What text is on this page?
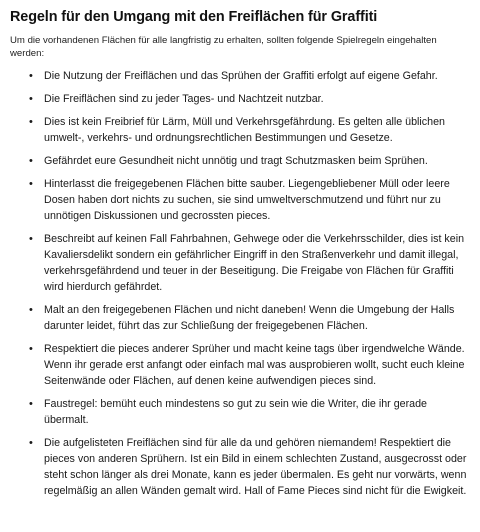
Regeln für den Umgang mit den Freiflächen für Graffiti

Um die vorhandenen Flächen für alle langfristig zu erhalten, sollten folgende Spielregeln eingehalten werden:

• Die Nutzung der Freiflächen und das Sprühen der Graffiti erfolgt auf eigene Gefahr.
• Die Freiflächen sind zu jeder Tages- und Nachtzeit nutzbar.
• Dies ist kein Freibrief für Lärm, Müll und Verkehrsgefährdung. Es gelten alle üblichen umwelt-, verkehrs- und ordnungsrechtlichen Bestimmungen und Gesetze.
• Gefährdet eure Gesundheit nicht unnötig und tragt Schutzmasken beim Sprühen.
• Hinterlasst die freigegebenen Flächen bitte sauber. Liegengebliebener Müll oder leere Dosen haben dort nichts zu suchen, sie sind umweltverschmutzend und führt nur zu unnötigen Diskussionen und gecrossten pieces.
• Beschreibt auf keinen Fall Fahrbahnen, Gehwege oder die Verkehrsschilder, dies ist kein Kavaliersdelikt sondern ein gefährlicher Eingriff in den Straßenverkehr und damit illegal, verkehrsgefährdend und teuer in der Beseitigung. Die Freigabe von Flächen für Graffiti wird hierdurch gefährdet.
• Malt an den freigegebenen Flächen und nicht daneben! Wenn die Umgebung der Halls darunter leidet, führt das zur Schließung der freigegebenen Flächen.
• Respektiert die pieces anderer Sprüher und macht keine tags über irgendwelche Wände. Wenn ihr gerade erst anfangt oder einfach mal was ausprobieren wollt, sucht euch kleine Seitenwände oder Flächen, auf denen keine aufwendigen pieces sind.
• Faustregel: bemüht euch mindestens so gut zu sein wie die Writer, die ihr gerade übermalt.
• Die aufgelisteten Freiflächen sind für alle da und gehören niemandem! Respektiert die pieces von anderen Sprühern. Ist ein Bild in einem schlechten Zustand, ausgecrosst oder steht schon länger als drei Monate, kann es jeder übermalen. Es geht nur vorwärts, wenn regelmäßig an allen Wänden gemalt wird. Hall of Fame Pieces sind nicht für die Ewigkeit.
